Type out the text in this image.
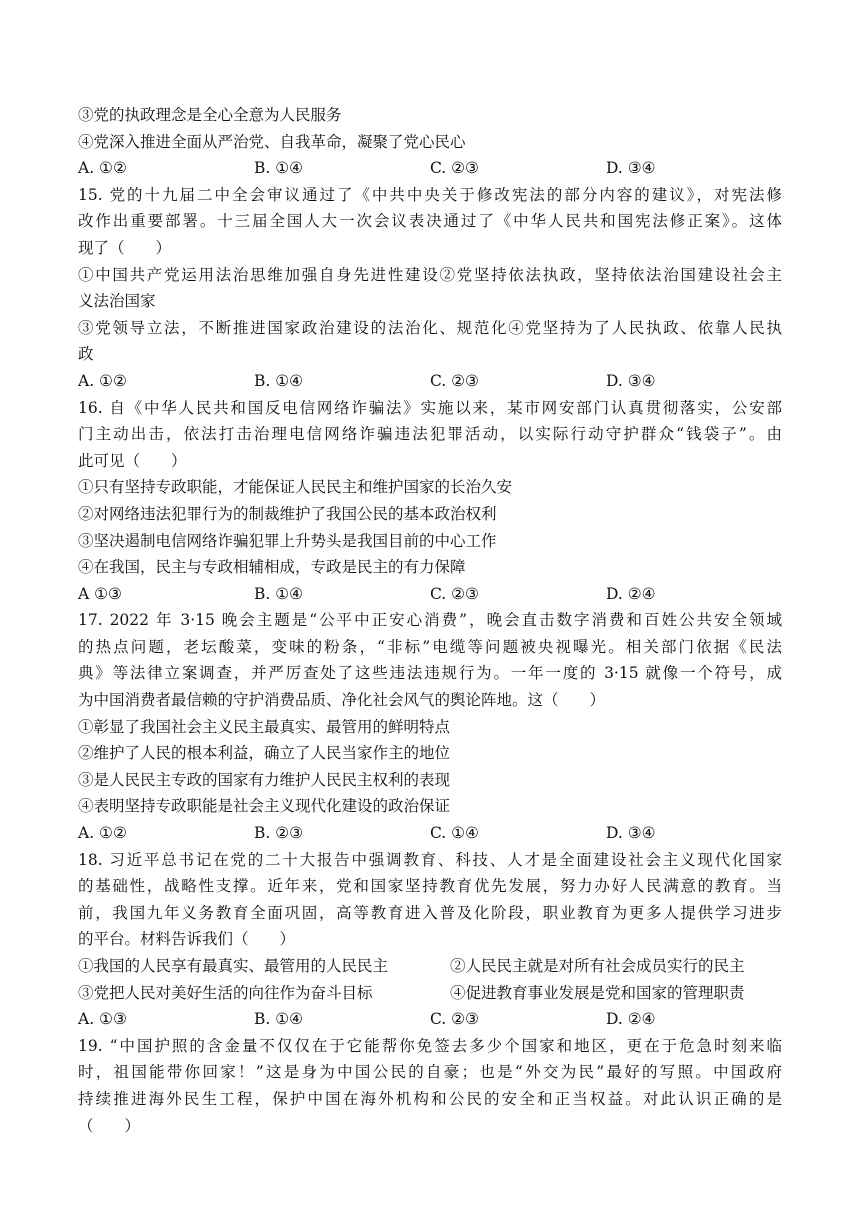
③党的执政理念是全心全意为人民服务
④党深入推进全面从严治党、自我革命，凝聚了党心民心
A. ①②	B. ①④	C. ②③	D. ③④
15. 党的十九届二中全会审议通过了《中共中央关于修改宪法的部分内容的建议》，对宪法修
改作出重要部署。十三届全国人大一次会议表决通过了《中华人民共和国宪法修正案》。这体
现了（　　）
①中国共产党运用法治思维加强自身先进性建设②党坚持依法执政，坚持依法治国建设社会主
义法治国家
③党领导立法，不断推进国家政治建设的法治化、规范化④党坚持为了人民执政、依靠人民执
政
A. ①②	B. ①④	C. ②③	D. ③④
16. 自《中华人民共和国反电信网络诈骗法》实施以来，某市网安部门认真贯彻落实，公安部
门主动出击，依法打击治理电信网络诈骗违法犯罪活动，以实际行动守护群众“钱袋子”。由
此可见（　　）
①只有坚持专政职能，才能保证人民民主和维护国家的长治久安
②对网络违法犯罪行为的制裁维护了我国公民的基本政治权利
③坚决遏制电信网络诈骗犯罪上升势头是我国目前的中心工作
④在我国，民主与专政相辅相成，专政是民主的有力保障
A ①③	B. ①④	C. ②③	D. ②④
17. 2022 年 3·15 晚会主题是“公平中正安心消费”，晚会直击数字消费和百姓公共安全领域
的热点问题，老坛酸菜，变味的粉条，“非标”电缆等问题被央视曝光。相关部门依据《民法
典》等法律立案调查，并严厉查处了这些违法违规行为。一年一度的 3·15 就像一个符号，成
为中国消费者最信赖的守护消费品质、净化社会风气的舆论阵地。这（　　）
①彰显了我国社会主义民主最真实、最管用的鲜明特点
②维护了人民的根本利益，确立了人民当家作主的地位
③是人民民主专政的国家有力维护人民民主权利的表现
④表明坚持专政职能是社会主义现代化建设的政治保证
A. ①②	B. ②③	C. ①④	D. ③④
18. 习近平总书记在党的二十大报告中强调教育、科技、人才是全面建设社会主义现代化国家
的基础性，战略性支撑。近年来，党和国家坚持教育优先发展，努力办好人民满意的教育。当
前，我国九年义务教育全面巩固，高等教育进入普及化阶段，职业教育为更多人提供学习进步
的平台。材料告诉我们（　　）
①我国的人民享有最真实、最管用的人民民主	②人民民主就是对所有社会成员实行的民主
③党把人民对美好生活的向往作为奋斗目标	④促进教育事业发展是党和国家的管理职责
A. ①③	B. ①④	C. ②③	D. ②④
19. “中国护照的含金量不仅仅在于它能帮你免签去多少个国家和地区，更在于危急时刻来临
时，祖国能带你回家！”这是身为中国公民的自豪；也是“外交为民”最好的写照。中国政府
持续推进海外民生工程，保护中国在海外机构和公民的安全和正当权益。对此认识正确的是
（　　）
